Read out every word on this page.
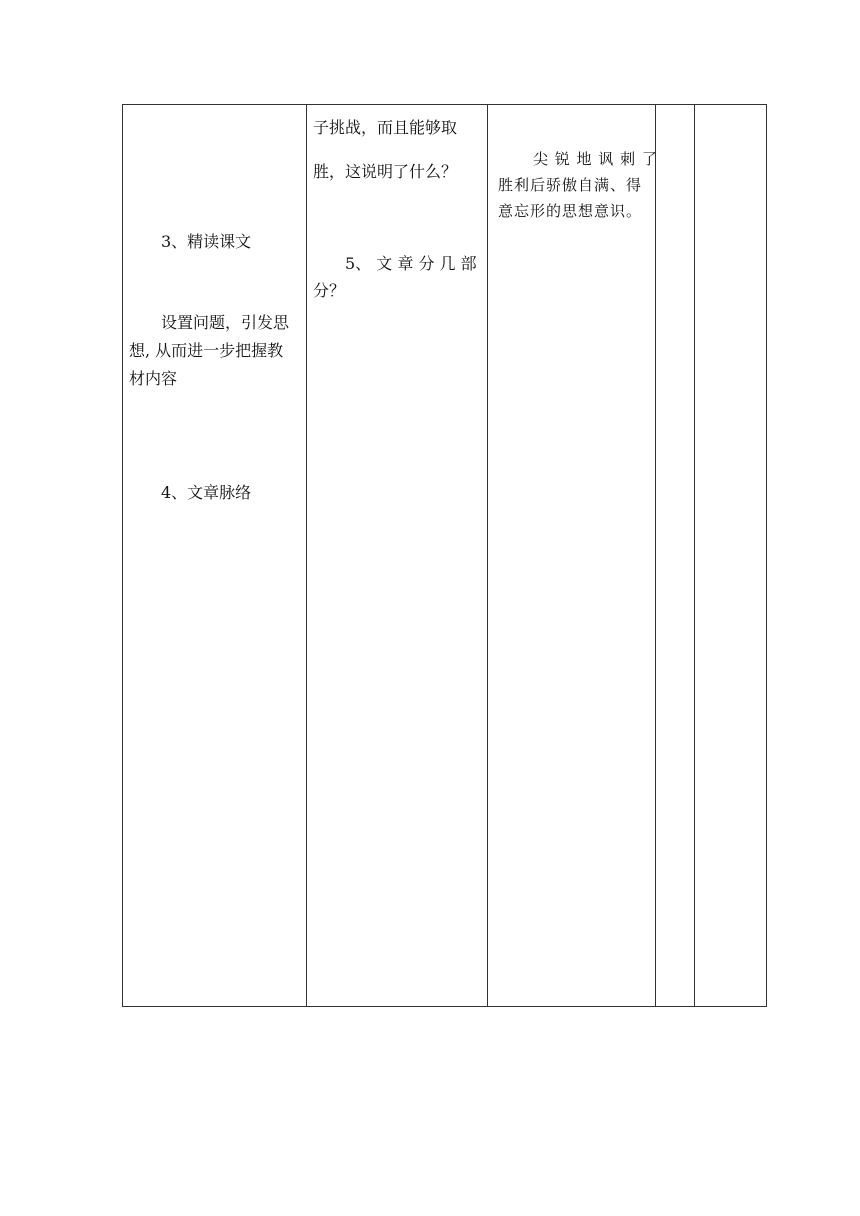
3、精读课文
设置问题，引发思
想, 从而进一步把握教
材内容
4、文章脉络
子挑战，而且能够取
胜，这说明了什么？
5、 文 章 分 几 部
分？
尖 锐 地 讽 刺 了
胜利后骄傲自满、得
意忘形的思想意识。
